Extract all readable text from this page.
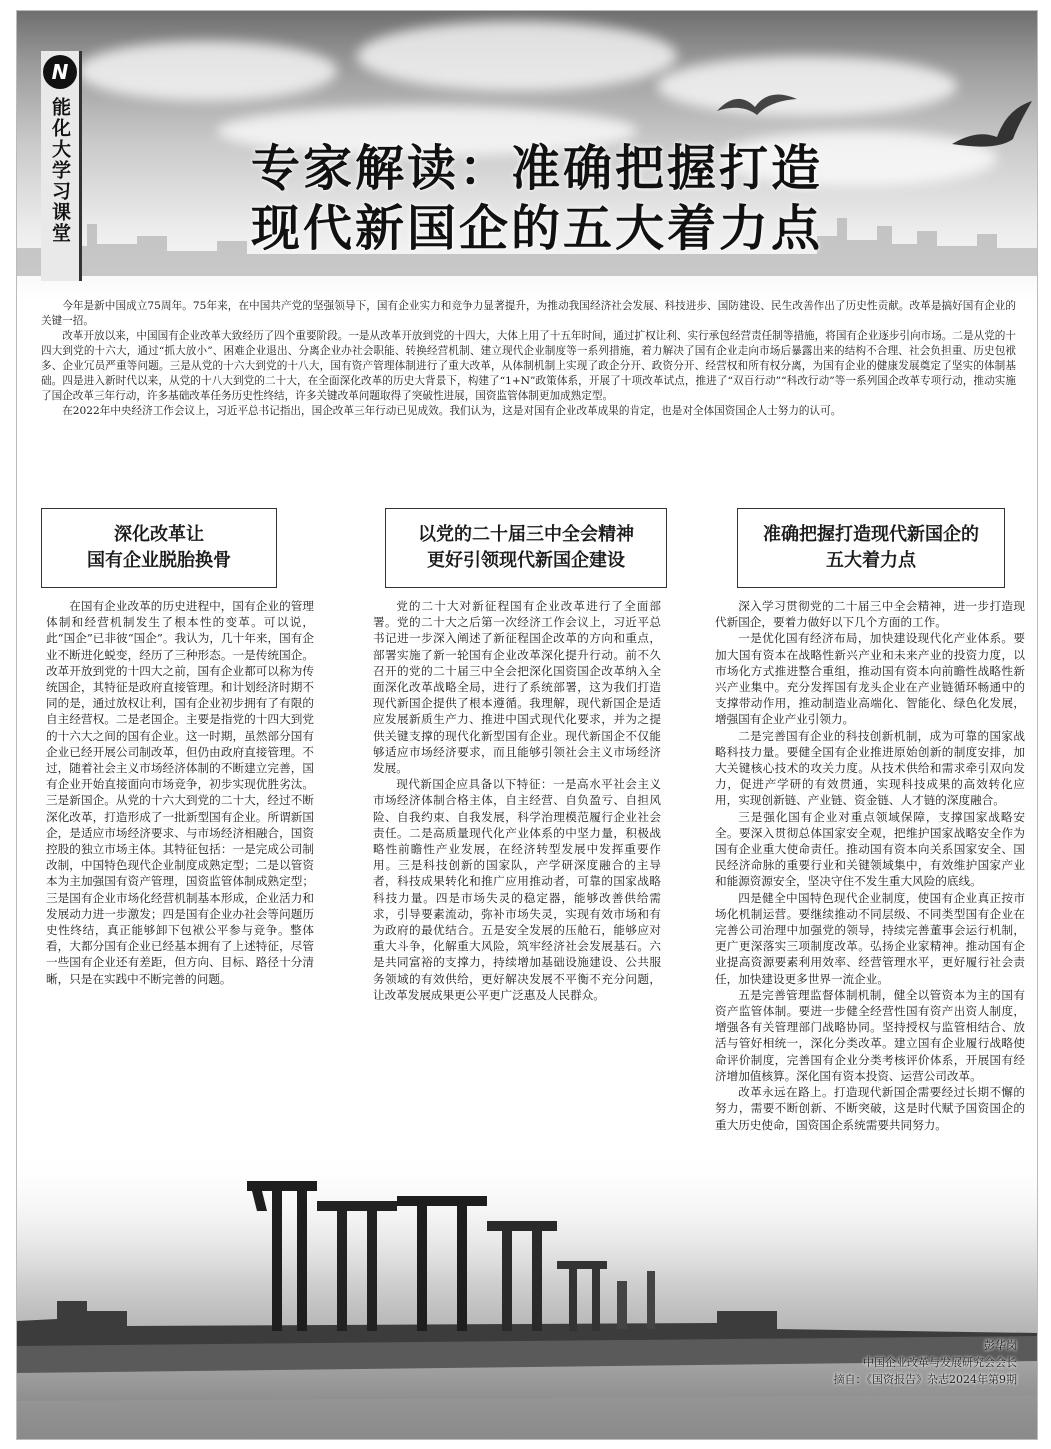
N
能化大学习课堂	专家解读：准确把握打造
现代新国企的五大着力点

今年是新中国成立75周年。75年来，在中国共产党的坚强领导下，国有企业实力和竞争力显著提升，为推动我国经济社会发展、科技进步、国防建设、民生改善作出了历史性贡献。改革是搞好国有企业的关键一招。

改革开放以来，中国国有企业改革大致经历了四个重要阶段。一是从改革开放到党的十四大，大体上用了十五年时间，通过扩权让利、实行承包经营责任制等措施，将国有企业逐步引向市场。二是从党的十四大到党的十六大，通过“抓大放小”、困难企业退出、分离企业办社会职能、转换经营机制、建立现代企业制度等一系列措施，着力解决了国有企业走向市场后暴露出来的结构不合理、社会负担重、历史包袱多、企业冗员严重等问题。三是从党的十六大到党的十八大，国有资产管理体制进行了重大改革，从体制机制上实现了政企分开、政资分开、经营权和所有权分离，为国有企业的健康发展奠定了坚实的体制基础。四是进入新时代以来，从党的十八大到党的二十大，在全面深化改革的历史大背景下，构建了“1+N”政策体系，开展了十项改革试点，推进了“双百行动”“科改行动”等一系列国企改革专项行动，推动实施了国企改革三年行动，许多基础改革任务历史性终结，许多关键改革问题取得了突破性进展，国资监管体制更加成熟定型。

在2022年中央经济工作会议上，习近平总书记指出，国企改革三年行动已见成效。我们认为，这是对国有企业改革成果的肯定，也是对全体国资国企人士努力的认可。

深化改革让
国有企业脱胎换骨
以党的二十届三中全会精神
更好引领现代新国企建设
准确把握打造现代新国企的
五大着力点
彭华岗
中国企业改革与发展研究会会长
摘自：《国资报告》杂志2024年第9期

在国有企业改革的历史进程中，国有企业的管理体制和经营机制发生了根本性的变革。可以说，此“国企”已非彼“国企”。我认为，几十年来，国有企业不断进化蜕变，经历了三种形态。一是传统国企。改革开放到党的十四大之前，国有企业都可以称为传统国企，其特征是政府直接管理。和计划经济时期不同的是，通过放权让利，国有企业初步拥有了有限的自主经营权。二是老国企。主要是指党的十四大到党的十六大之间的国有企业。这一时期，虽然部分国有企业已经开展公司制改革，但仍由政府直接管理。不过，随着社会主义市场经济体制的不断建立完善，国有企业开始直接面向市场竞争，初步实现优胜劣汰。三是新国企。从党的十六大到党的二十大，经过不断深化改革，打造形成了一批新型国有企业。所谓新国企，是适应市场经济要求、与市场经济相融合，国资控股的独立市场主体。其特征包括：一是完成公司制改制，中国特色现代企业制度成熟定型；二是以管资本为主加强国有资产管理，国资监管体制成熟定型；三是国有企业市场化经营机制基本形成，企业活力和发展动力进一步激发；四是国有企业办社会等问题历史性终结，真正能够卸下包袱公平参与竞争。整体看，大都分国有企业已经基本拥有了上述特征，尽管一些国有企业还有差距，但方向、目标、路径十分清晰，只是在实践中不断完善的问题。

党的二十大对新征程国有企业改革进行了全面部署。党的二十大之后第一次经济工作会议上，习近平总书记进一步深入阐述了新征程国企改革的方向和重点，部署实施了新一轮国有企业改革深化提升行动。前不久召开的党的二十届三中全会把深化国资国企改革纳入全面深化改革战略全局，进行了系统部署，这为我们打造现代新国企提供了根本遵循。我理解，现代新国企是适应发展新质生产力、推进中国式现代化要求，并为之提供关键支撑的现代化新型国有企业。现代新国企不仅能够适应市场经济要求，而且能够引领社会主义市场经济发展。

现代新国企应具备以下特征：一是高水平社会主义市场经济体制合格主体，自主经营、自负盈亏、自担风险、自我约束、自我发展，科学治理模范履行企业社会责任。二是高质量现代化产业体系的中坚力量，积极战略性前瞻性产业发展，在经济转型发展中发挥重要作用。三是科技创新的国家队，产学研深度融合的主导者，科技成果转化和推广应用推动者，可靠的国家战略科技力量。四是市场失灵的稳定器，能够改善供给需求，引导要素流动，弥补市场失灵，实现有效市场和有为政府的最优结合。五是安全发展的压舱石，能够应对重大斗争，化解重大风险，筑牢经济社会发展基石。六是共同富裕的支撑力，持续增加基础设施建设、公共服务领域的有效供给，更好解决发展不平衡不充分问题，让改革发展成果更公平更广泛惠及人民群众。

深入学习贯彻党的二十届三中全会精神，进一步打造现代新国企，要着力做好以下几个方面的工作。

一是优化国有经济布局，加快建设现代化产业体系。要加大国有资本在战略性新兴产业和未来产业的投资力度，以市场化方式推进整合重组，推动国有资本向前瞻性战略性新兴产业集中。充分发挥国有龙头企业在产业链循环畅通中的支撑带动作用，推动制造业高端化、智能化、绿色化发展，增强国有企业产业引领力。

二是完善国有企业的科技创新机制，成为可靠的国家战略科技力量。要健全国有企业推进原始创新的制度安排，加大关键核心技术的攻关力度。从技术供给和需求牵引双向发力，促进产学研的有效贯通，实现科技成果的高效转化应用，实现创新链、产业链、资金链、人才链的深度融合。

三是强化国有企业对重点领域保障，支撑国家战略安全。要深入贯彻总体国家安全观，把维护国家战略安全作为国有企业重大使命责任。推动国有资本向关系国家安全、国民经济命脉的重要行业和关键领域集中，有效维护国家产业和能源资源安全，坚决守住不发生重大风险的底线。

四是健全中国特色现代企业制度，使国有企业真正按市场化机制运营。要继续推动不同层级、不同类型国有企业在完善公司治理中加强党的领导，持续完善董事会运行机制，更广更深落实三项制度改革。弘扬企业家精神。推动国有企业提高资源要素利用效率、经营管理水平，更好履行社会责任，加快建设更多世界一流企业。

五是完善管理监督体制机制，健全以管资本为主的国有资产监管体制。要进一步健全经营性国有资产出资人制度，增强各有关管理部门战略协同。坚持授权与监管相结合、放活与管好相统一，深化分类改革。建立国有企业履行战略使命评价制度，完善国有企业分类考核评价体系，开展国有经济增加值核算。深化国有资本投资、运营公司改革。

改革永远在路上。打造现代新国企需要经过长期不懈的努力，需要不断创新、不断突破，这是时代赋予国资国企的重大历史使命，国资国企系统需要共同努力。
